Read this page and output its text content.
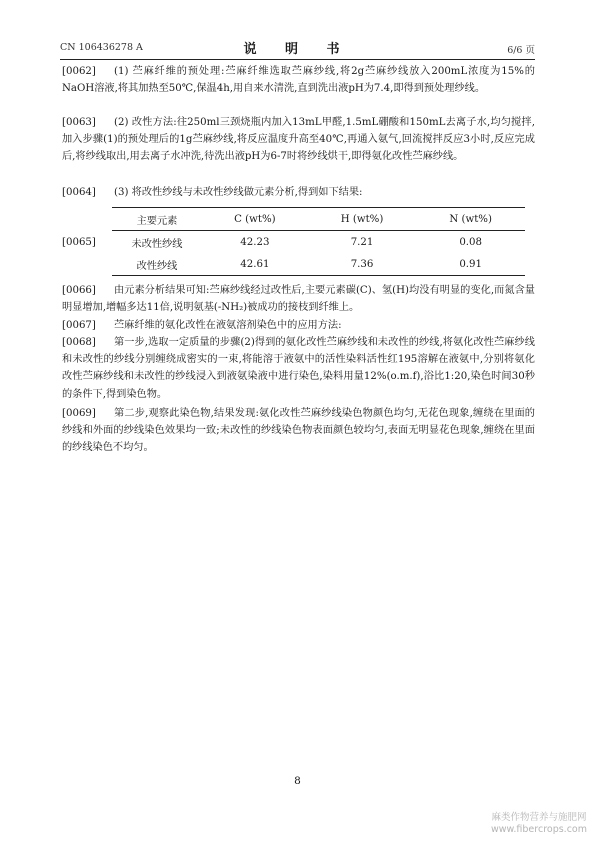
CN 106436278 A	说 明 书	6/6 页
[0062]	(1) 苎麻纤维的预处理:苎麻纤维选取苎麻纱线,将2g苎麻纱线放入200mL浓度为15%的NaOH溶液,将其加热至50℃,保温4h,用自来水清洗,直到洗出液pH为7.4,即得到预处理纱线。
[0063]	(2) 改性方法:往250ml三颈烧瓶内加入13mL甲醛,1.5mL硼酸和150mL去离子水,均匀搅拌,加入步骤(1)的预处理后的1g苎麻纱线,将反应温度升高至40℃,再通入氨气,回流搅拌反应3小时,反应完成后,将纱线取出,用去离子水冲洗,待洗出液pH为6-7时将纱线烘干,即得氨化改性苎麻纱线。
[0064]	(3) 将改性纱线与未改性纱线做元素分析,得到如下结果:
[0065]
主要元素	C (wt%)	H (wt%)	N (wt%)
未改性纱线	42.23	7.21	0.08
改性纱线	42.61	7.36	0.91
[0066]	由元素分析结果可知:苎麻纱线经过改性后,主要元素碳(C)、氢(H)均没有明显的变化,而氮含量明显增加,增幅多达11倍,说明氨基(-NH₂)被成功的接枝到纤维上。
[0067]	苎麻纤维的氨化改性在液氨溶剂染色中的应用方法:
[0068]	第一步,选取一定质量的步骤(2)得到的氨化改性苎麻纱线和未改性的纱线,将氨化改性苎麻纱线和未改性的纱线分别缠绕成密实的一束,将能溶于液氨中的活性染料活性红195溶解在液氨中,分别将氨化改性苎麻纱线和未改性的纱线浸入到液氨染液中进行染色,染料用量12%(o.m.f),浴比1:20,染色时间30秒的条件下,得到染色物。
[0069]	第二步,观察此染色物,结果发现:氨化改性苎麻纱线染色物颜色均匀,无花色现象,缠绕在里面的纱线和外面的纱线染色效果均一致;未改性的纱线染色物表面颜色较均匀,表面无明显花色现象,缠绕在里面的纱线染色不均匀。
8
麻类作物营养与施肥网
www.fibercrops.com
